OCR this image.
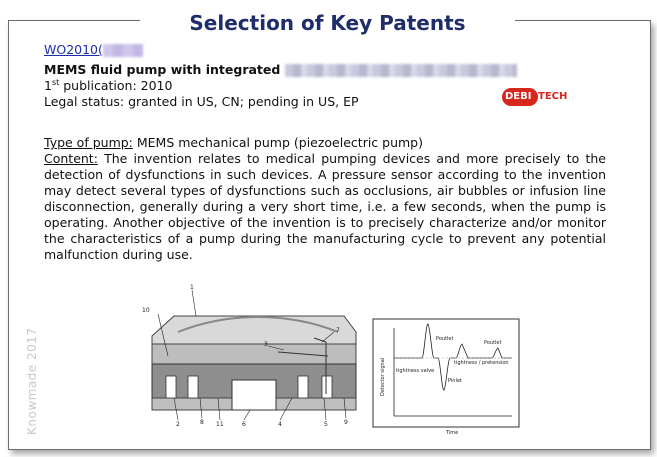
Selection of Key Patents
WO2010(
MEMS fluid pump with integrated
1st publication: 2010
Legal status: granted in US, CN; pending in US, EP	DEBI TECH
Type of pump: MEMS mechanical pump (piezoelectric pump)
Content: The invention relates to medical pumping devices and more precisely to the detection of dysfunctions in such devices. A pressure sensor according to the invention may detect several types of dysfunctions such as occlusions, air bubbles or infusion line disconnection, generally during a very short time, i.e. a few seconds, when the pump is operating. Another objective of the invention is to precisely characterize and/or monitor the characteristics of a pump during the manufacturing cycle to prevent any potential malfunction during use.
Knowmade 2017
1
10
7
3
2	8 11	6	4	5	9
Poutlet
Poutlet
tightness / pretension
tightness valve
Pinlet
Time
Detector signal
